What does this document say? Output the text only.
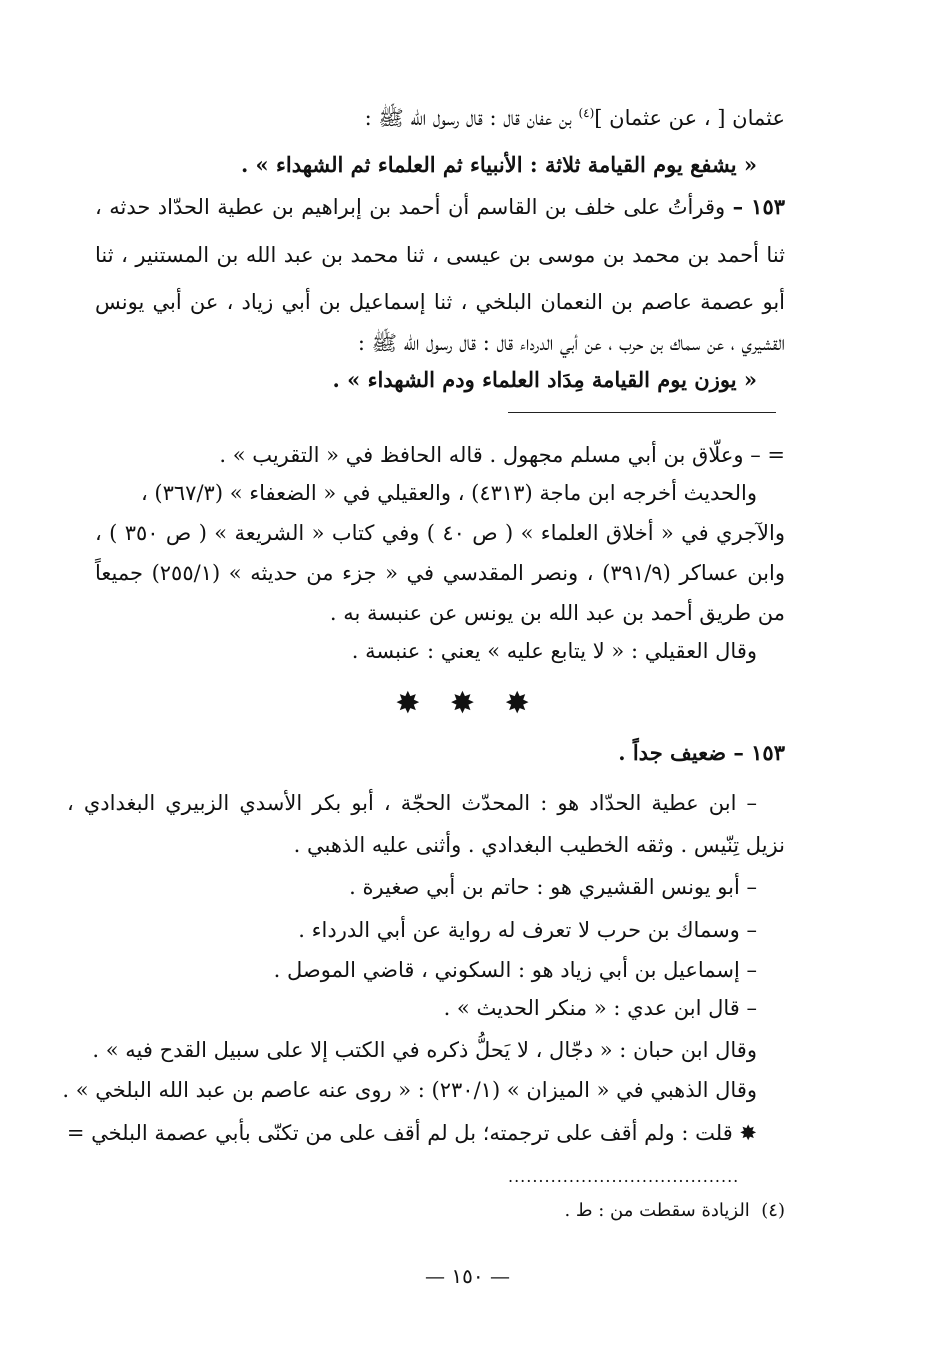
عثمان [ ، عن عثمان ]$^{(٤)}$ بن عفان قال : قال رسول الله ﷺ :
« يشفع يوم القيامة ثلاثة : الأنبياء ثم العلماء ثم الشهداء » .
١٥٣ – وقرأتُ على خلف بن القاسم أن أحمد بن إبراهيم بن عطية الحدّاد حدثه ،
ثنا أحمد بن محمد بن موسى بن عيسى ، ثنا محمد بن عبد الله بن المستنير ، ثنا
أبو عصمة عاصم بن النعمان البلخي ، ثنا إسماعيل بن أبي زياد ، عن أبي يونس
القشيري ، عن سماك بن حرب ، عن أبي الدرداء قال : قال رسول الله ﷺ :
« يوزن يوم القيامة مِدَاد العلماء ودم الشهداء » .
= – وعلّاق بن أبي مسلم مجهول . قاله الحافظ في « التقريب » .
والحديث أخرجه ابن ماجة (٤٣١٣) ، والعقيلي في « الضعفاء » (٣٦٧/٣) ،
والآجري في « أخلاق العلماء » ( ص ٤٠ ) وفي كتاب « الشريعة » ( ص ٣٥٠ ) ،
وابن عساكر (٣٩١/٩) ، ونصر المقدسي في « جزء من حديثه » (٢٥٥/١) جميعاً
من طريق أحمد بن عبد الله بن يونس عن عنبسة به .
وقال العقيلي : « لا يتابع عليه » يعني : عنبسة .
✸ ✸ ✸
١٥٣ – ضعيف جداً .
– ابن عطية الحدّاد هو : المحدّث الحجّة ، أبو بكر الأسدي الزبيري البغدادي ،
نزيل تِنّيس . وثقه الخطيب البغدادي . وأثنى عليه الذهبي .
– أبو يونس القشيري هو : حاتم بن أبي صغيرة .
– وسماك بن حرب لا تعرف له رواية عن أبي الدرداء .
– إسماعيل بن أبي زياد هو : السكوني ، قاضي الموصل .
– قال ابن عدي : « منكر الحديث » .
وقال ابن حبان : « دجّال ، لا يَحلُّ ذكره في الكتب إلا على سبيل القدح فيه » .
وقال الذهبي في « الميزان » (٢٣٠/١) : « روى عنه عاصم بن عبد الله البلخي » .
✸ قلت : ولم أقف على ترجمته؛ بل لم أقف على من تكنّى بأبي عصمة البلخي =
......................................
(٤)  الزيادة سقطت من : ط .
— ١٥٠ —
